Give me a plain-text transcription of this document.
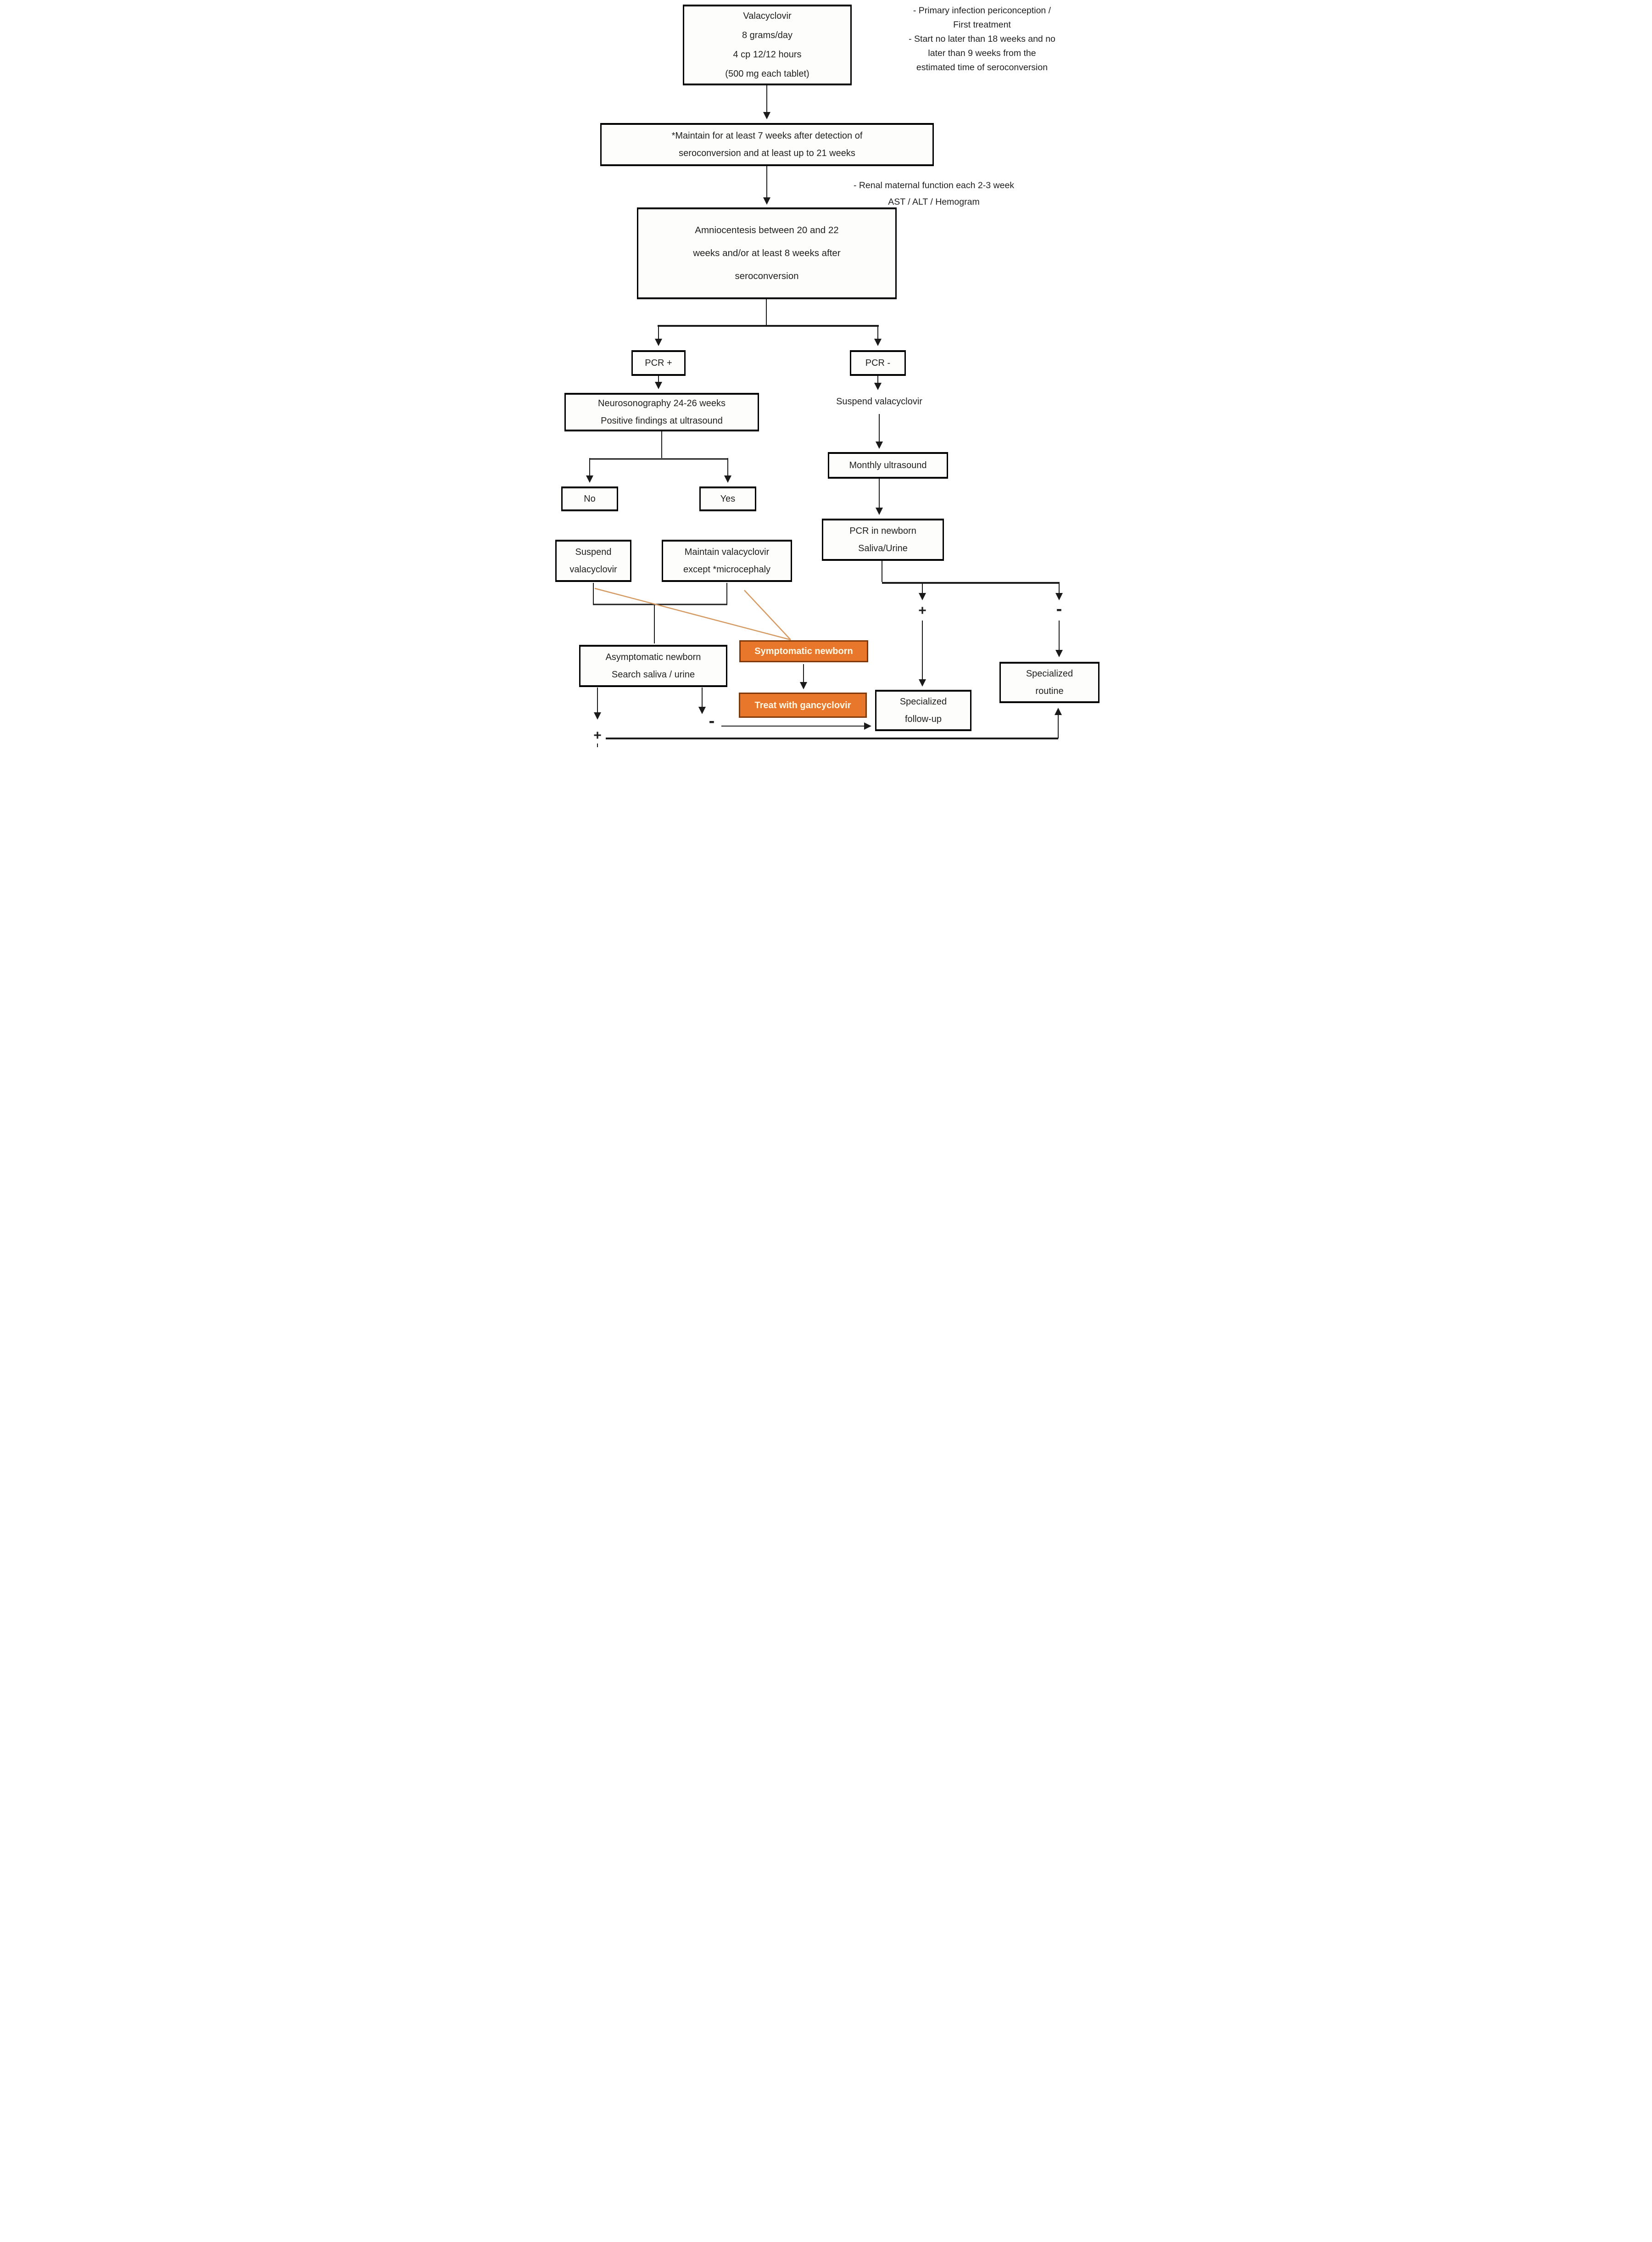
Valacyclovir
8 grams/day
4 cp 12/12 hours
(500 mg each tablet)
- Primary infection periconception /
First treatment
- Start no later than 18 weeks and no
later than 9 weeks from the
estimated time of seroconversion
*Maintain for at least 7 weeks after detection of
seroconversion and at least up to 21 weeks
- Renal maternal function each 2-3 week
AST / ALT / Hemogram
Amniocentesis between 20 and 22
weeks and/or at least 8 weeks after
seroconversion
PCR +	PCR -
Neurosonography 24-26 weeks
Positive findings at ultrasound
Suspend valacyclovir
Monthly ultrasound
No	Yes
PCR in newborn
Saliva/Urine
Suspend
valacyclovir
Maintain valacyclovir
except *microcephaly
+	-
Asymptomatic newborn
Search saliva / urine
Symptomatic newborn
Treat with gancyclovir	Specialized
follow-up
Specialized
routine
+
-
